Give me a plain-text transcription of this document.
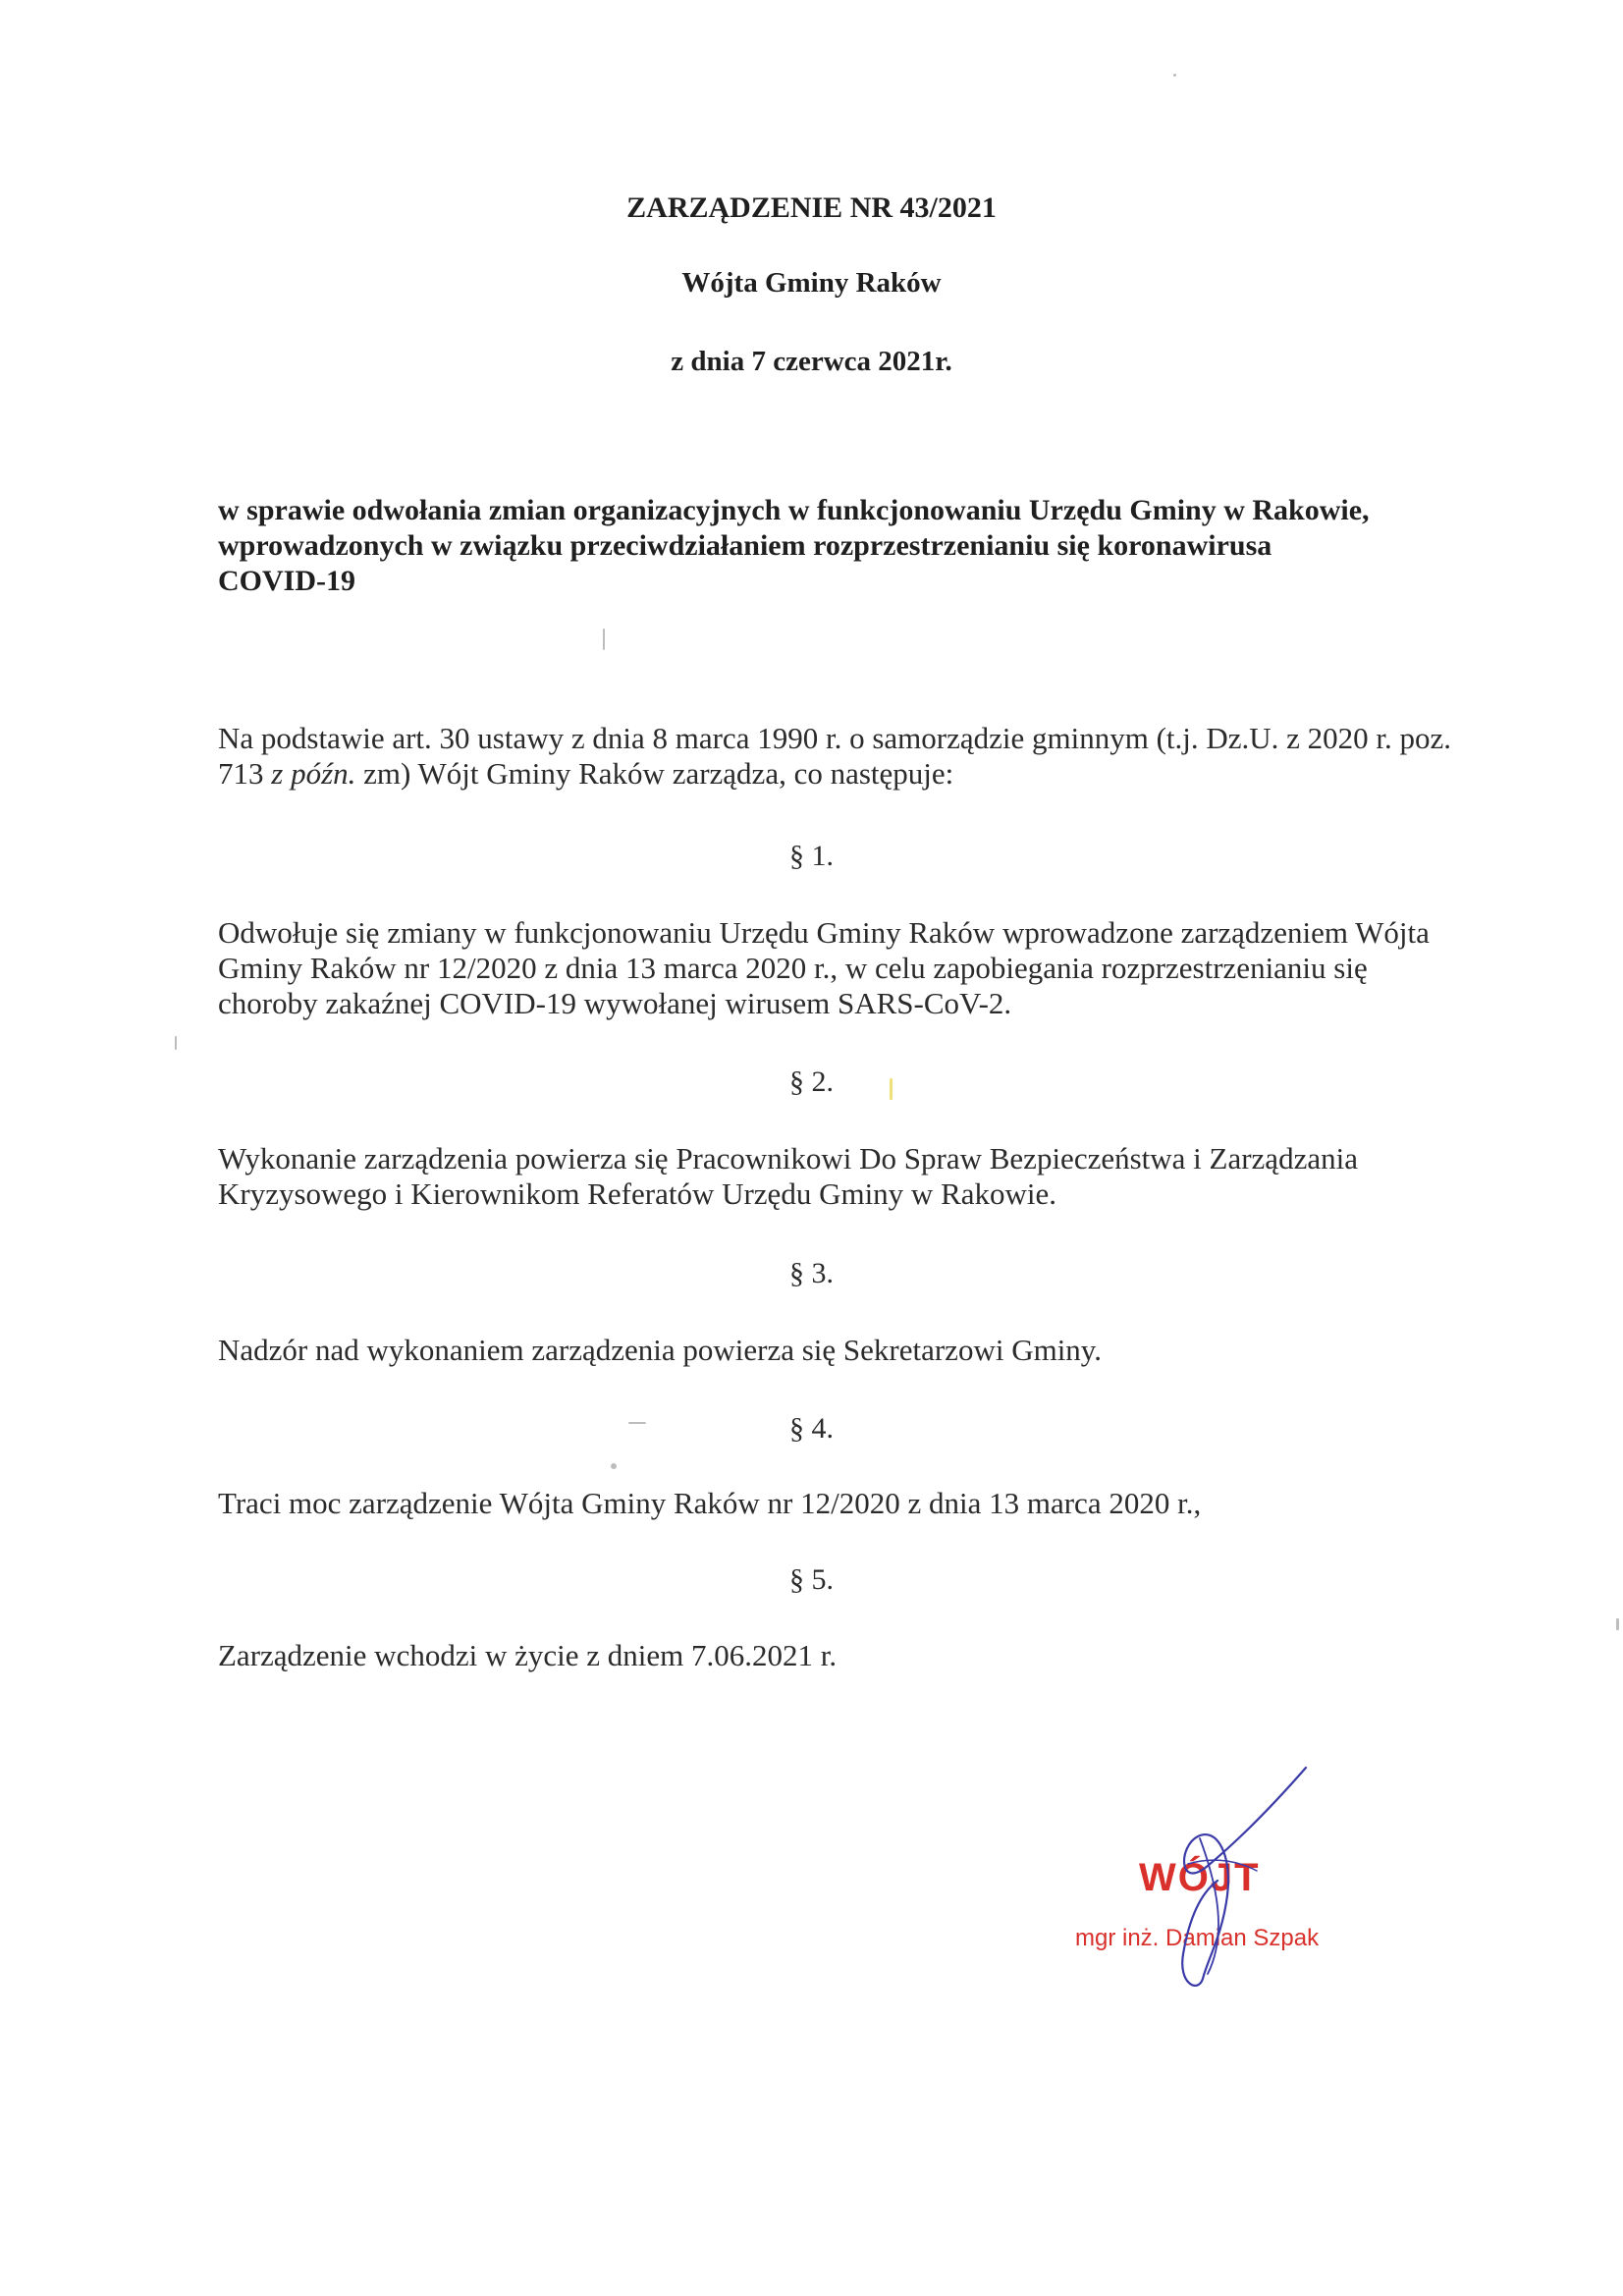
ZARZĄDZENIE NR 43/2021
Wójta Gminy Raków
z dnia 7 czerwca 2021r.
w sprawie odwołania zmian organizacyjnych w funkcjonowaniu Urzędu Gminy w Rakowie, wprowadzonych w związku przeciwdziałaniem rozprzestrzenianiu się koronawirusa COVID-19
Na podstawie art. 30 ustawy z dnia 8 marca 1990 r. o samorządzie gminnym (t.j. Dz.U. z 2020 r. poz. 713 z późn. zm) Wójt Gminy Raków zarządza, co następuje:
§ 1.
Odwołuje się zmiany w funkcjonowaniu Urzędu Gminy Raków wprowadzone zarządzeniem Wójta Gminy Raków nr 12/2020 z dnia 13 marca 2020 r., w celu zapobiegania rozprzestrzenianiu się choroby zakaźnej COVID-19 wywołanej wirusem SARS-CoV-2.
§ 2.
Wykonanie zarządzenia powierza się Pracownikowi Do Spraw Bezpieczeństwa i Zarządzania Kryzysowego i Kierownikom Referatów Urzędu Gminy w Rakowie.
§ 3.
Nadzór nad wykonaniem zarządzenia powierza się Sekretarzowi Gminy.
§ 4.
Traci moc zarządzenie Wójta Gminy Raków nr 12/2020 z dnia 13 marca 2020 r.,
§ 5.
Zarządzenie wchodzi w życie z dniem 7.06.2021 r.
WÓJT
mgr inż. Damian Szpak
